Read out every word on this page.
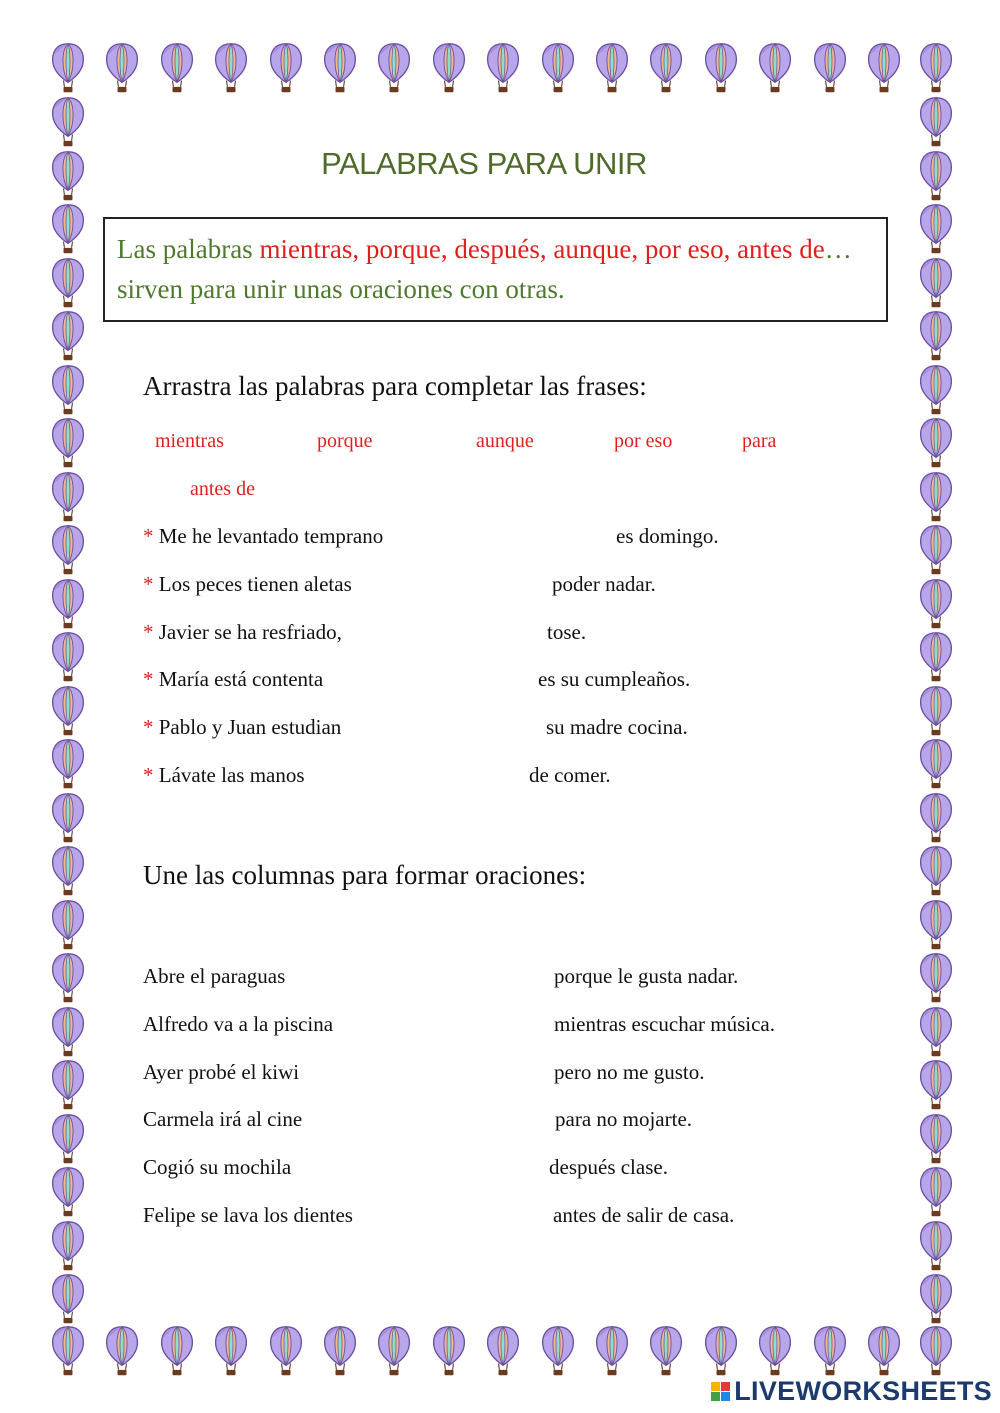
PALABRAS PARA UNIR
Las palabras mientras, porque, después, aunque, por eso, antes de…sirven para unir unas oraciones con otras.
Arrastra las palabras para completar las frases:
mientras	porque	aunque	por eso	para
antes de
* Me he levantado temprano	es domingo.
* Los peces tienen aletas	poder nadar.
* Javier se ha resfriado,	tose.
* María está contenta	es su cumpleaños.
* Pablo y Juan estudian	su madre cocina.
* Lávate las manos	de comer.
Une las columnas para formar oraciones:
Abre el paraguas	porque le gusta nadar.
Alfredo va a la piscina	mientras escuchar música.
Ayer probé el kiwi	pero no me gusto.
Carmela irá al cine	para no mojarte.
Cogió su mochila	después clase.
Felipe se lava los dientes	antes de salir de casa.
LIVEWORKSHEETS
